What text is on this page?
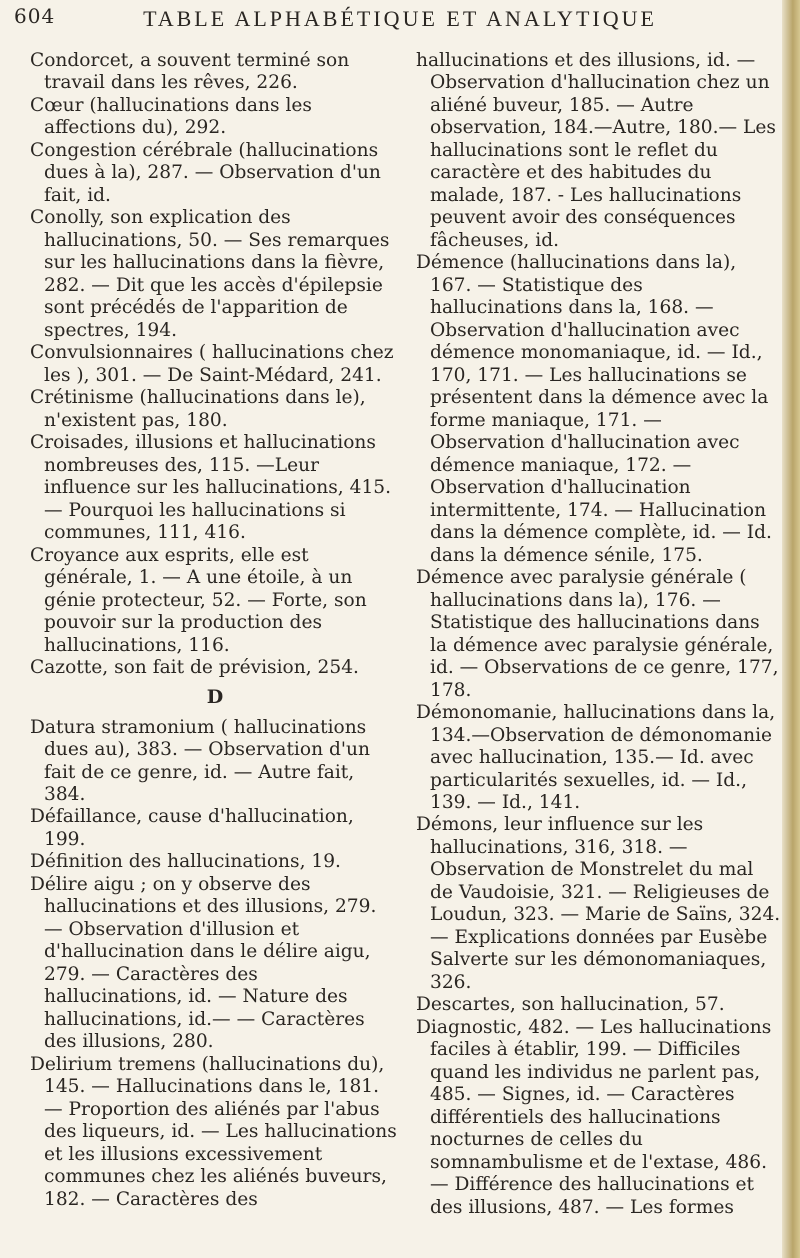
604	TABLE ALPHABÉTIQUE ET ANALYTIQUE

Condorcet, a souvent terminé son travail dans les rêves, 226.

Cœur (hallucinations dans les affections du), 292.

Congestion cérébrale (hallucinations dues à la), 287. — Observation d'un fait, id.

Conolly, son explication des hallucinations, 50. — Ses remarques sur les hallucinations dans la fièvre, 282. — Dit que les accès d'épilepsie sont précédés de l'apparition de spectres, 194.

Convulsionnaires ( hallucinations chez les ), 301. — De Saint-Médard, 241.

Crétinisme (hallucinations dans le), n'existent pas, 180.

Croisades, illusions et hallucinations nombreuses des, 115. —Leur influence sur les hallucinations, 415. — Pourquoi les hallucinations si communes, 111, 416.

Croyance aux esprits, elle est générale, 1. — A une étoile, à un génie protecteur, 52. — Forte, son pouvoir sur la production des hallucinations, 116.

Cazotte, son fait de prévision, 254.

D

Datura stramonium ( hallucinations dues au), 383. — Observation d'un fait de ce genre, id. — Autre fait, 384.

Défaillance, cause d'hallucination, 199.

Définition des hallucinations, 19.

Délire aigu ; on y observe des hallucinations et des illusions, 279. — Observation d'illusion et d'hallucination dans le délire aigu, 279. — Caractères des hallucinations, id. — Nature des hallucinations, id.— — Caractères des illusions, 280.

Delirium tremens (hallucinations du), 145. — Hallucinations dans le, 181. — Proportion des aliénés par l'abus des liqueurs, id. — Les hallucinations et les illusions excessivement communes chez les aliénés buveurs, 182. — Caractères des

hallucinations et des illusions, id. — Observation d'hallucination chez un aliéné buveur, 185. — Autre observation, 184.—Autre, 180.— Les hallucinations sont le reflet du caractère et des habitudes du malade, 187. - Les hallucinations peuvent avoir des conséquences fâcheuses, id.

Démence (hallucinations dans la), 167. — Statistique des hallucinations dans la, 168. — Observation d'hallucination avec démence monomaniaque, id. — Id., 170, 171. — Les hallucinations se présentent dans la démence avec la forme maniaque, 171. — Observation d'hallucination avec démence maniaque, 172. — Observation d'hallucination intermittente, 174. — Hallucination dans la démence complète, id. — Id. dans la démence sénile, 175.

Démence avec paralysie générale ( hallucinations dans la), 176. — Statistique des hallucinations dans la démence avec paralysie générale, id. — Observations de ce genre, 177, 178.

Démonomanie, hallucinations dans la, 134.—Observation de démonomanie avec hallucination, 135.— Id. avec particularités sexuelles, id. — Id., 139. — Id., 141.

Démons, leur influence sur les hallucinations, 316, 318. — Observation de Monstrelet du mal de Vaudoisie, 321. — Religieuses de Loudun, 323. — Marie de Saïns, 324. — Explications données par Eusèbe Salverte sur les démonomaniaques, 326.

Descartes, son hallucination, 57.

Diagnostic, 482. — Les hallucinations faciles à établir, 199. — Difficiles quand les individus ne parlent pas, 485. — Signes, id. — Caractères différentiels des hallucinations nocturnes de celles du somnambulisme et de l'extase, 486. — Différence des hallucinations et des illusions, 487. — Les formes
